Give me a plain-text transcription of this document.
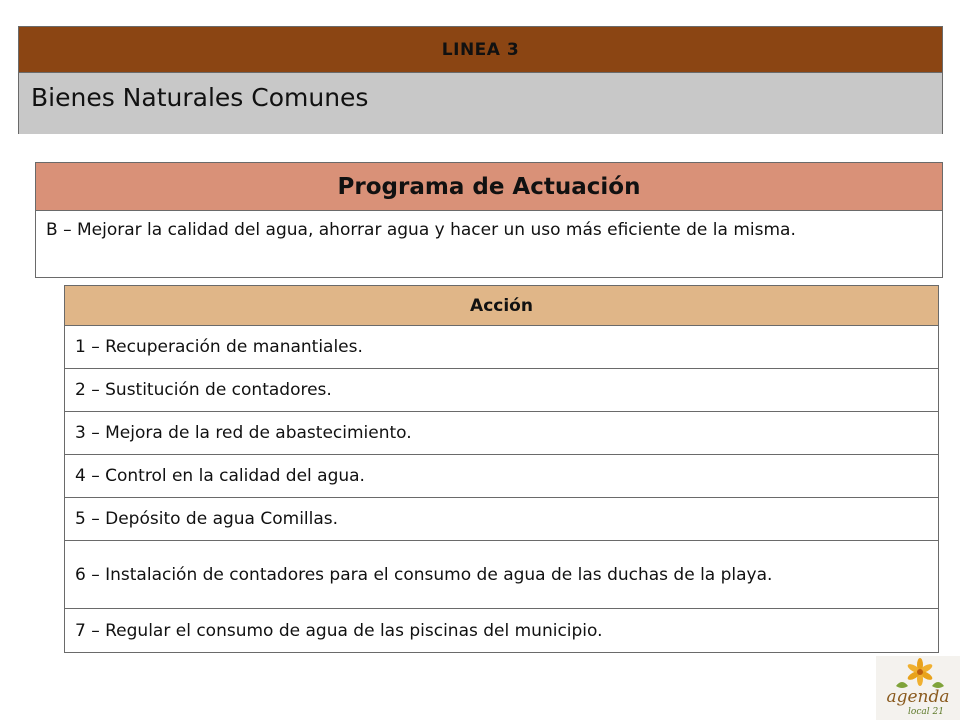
LINEA 3
Bienes Naturales Comunes
Programa de Actuación
B – Mejorar la calidad del agua, ahorrar agua y hacer un uso más eficiente de la misma.
Acción
1 – Recuperación de manantiales.
2 – Sustitución de contadores.
3 – Mejora de la red de abastecimiento.
4 – Control en la calidad del agua.
5 – Depósito de agua Comillas.
6 – Instalación de contadores para el consumo de agua de las duchas de la playa.
7 – Regular el consumo de agua de las piscinas del municipio.
agenda
local 21
